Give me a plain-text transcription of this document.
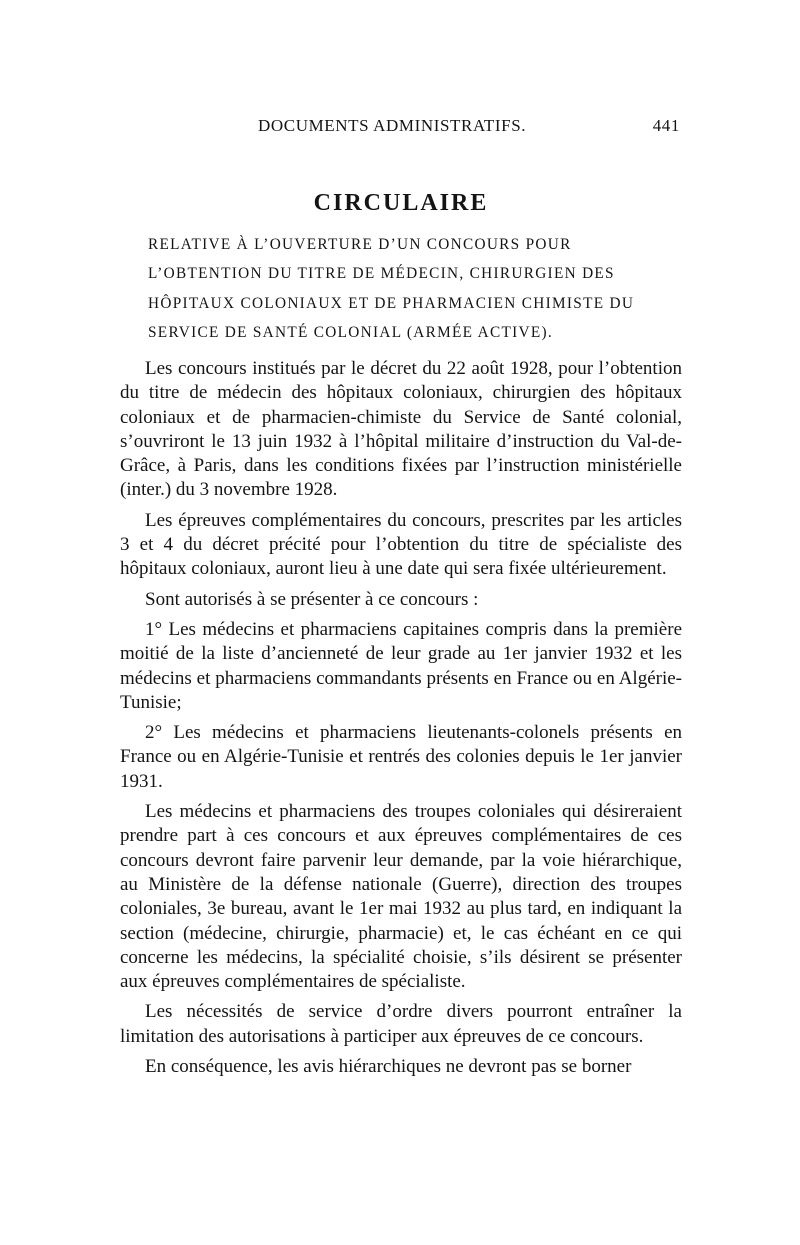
DOCUMENTS ADMINISTRATIFS.	441
CIRCULAIRE
RELATIVE À L’OUVERTURE D’UN CONCOURS POUR L’OBTENTION DU TITRE DE MÉDECIN, CHIRURGIEN DES HÔPITAUX COLONIAUX ET DE PHARMACIEN CHIMISTE DU SERVICE DE SANTÉ COLONIAL (ARMÉE ACTIVE).

Les concours institués par le décret du 22 août 1928, pour l’obtention du titre de médecin des hôpitaux coloniaux, chirurgien des hôpitaux coloniaux et de pharmacien-chimiste du Service de Santé colonial, s’ouvriront le 13 juin 1932 à l’hôpital militaire d’instruction du Val-de-Grâce, à Paris, dans les conditions fixées par l’instruction ministérielle (inter.) du 3 novembre 1928.

Les épreuves complémentaires du concours, prescrites par les articles 3 et 4 du décret précité pour l’obtention du titre de spécialiste des hôpitaux coloniaux, auront lieu à une date qui sera fixée ultérieurement.

Sont autorisés à se présenter à ce concours :

1° Les médecins et pharmaciens capitaines compris dans la première moitié de la liste d’ancienneté de leur grade au 1er janvier 1932 et les médecins et pharmaciens commandants présents en France ou en Algérie-Tunisie;

2° Les médecins et pharmaciens lieutenants-colonels présents en France ou en Algérie-Tunisie et rentrés des colonies depuis le 1er janvier 1931.

Les médecins et pharmaciens des troupes coloniales qui désireraient prendre part à ces concours et aux épreuves complémentaires de ces concours devront faire parvenir leur demande, par la voie hiérarchique, au Ministère de la défense nationale (Guerre), direction des troupes coloniales, 3e bureau, avant le 1er mai 1932 au plus tard, en indiquant la section (médecine, chirurgie, pharmacie) et, le cas échéant en ce qui concerne les médecins, la spécialité choisie, s’ils désirent se présenter aux épreuves complémentaires de spécialiste.

Les nécessités de service d’ordre divers pourront entraîner la limitation des autorisations à participer aux épreuves de ce concours.

En conséquence, les avis hiérarchiques ne devront pas se borner
